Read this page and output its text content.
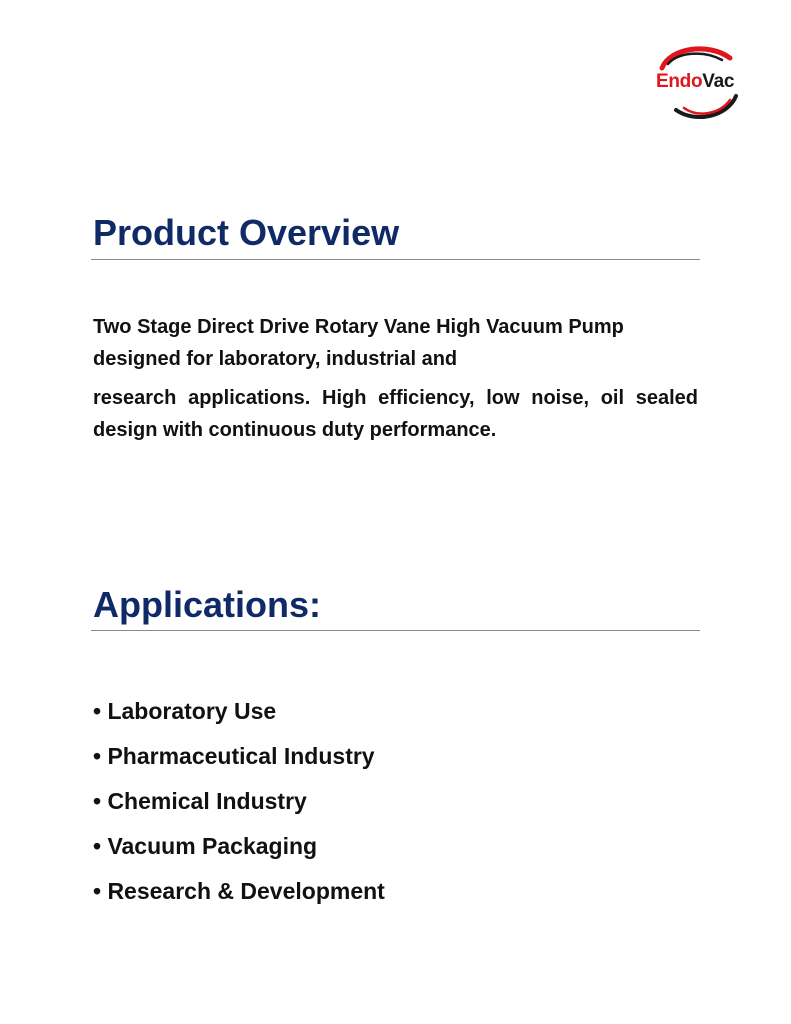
EndoVac
Product Overview

Two Stage Direct Drive Rotary Vane High Vacuum Pump designed for laboratory, industrial and

research applications. High efficiency, low noise, oil sealed design with continuous duty performance.

Applications:
• Laboratory Use
• Pharmaceutical Industry
• Chemical Industry
• Vacuum Packaging
• Research & Development
